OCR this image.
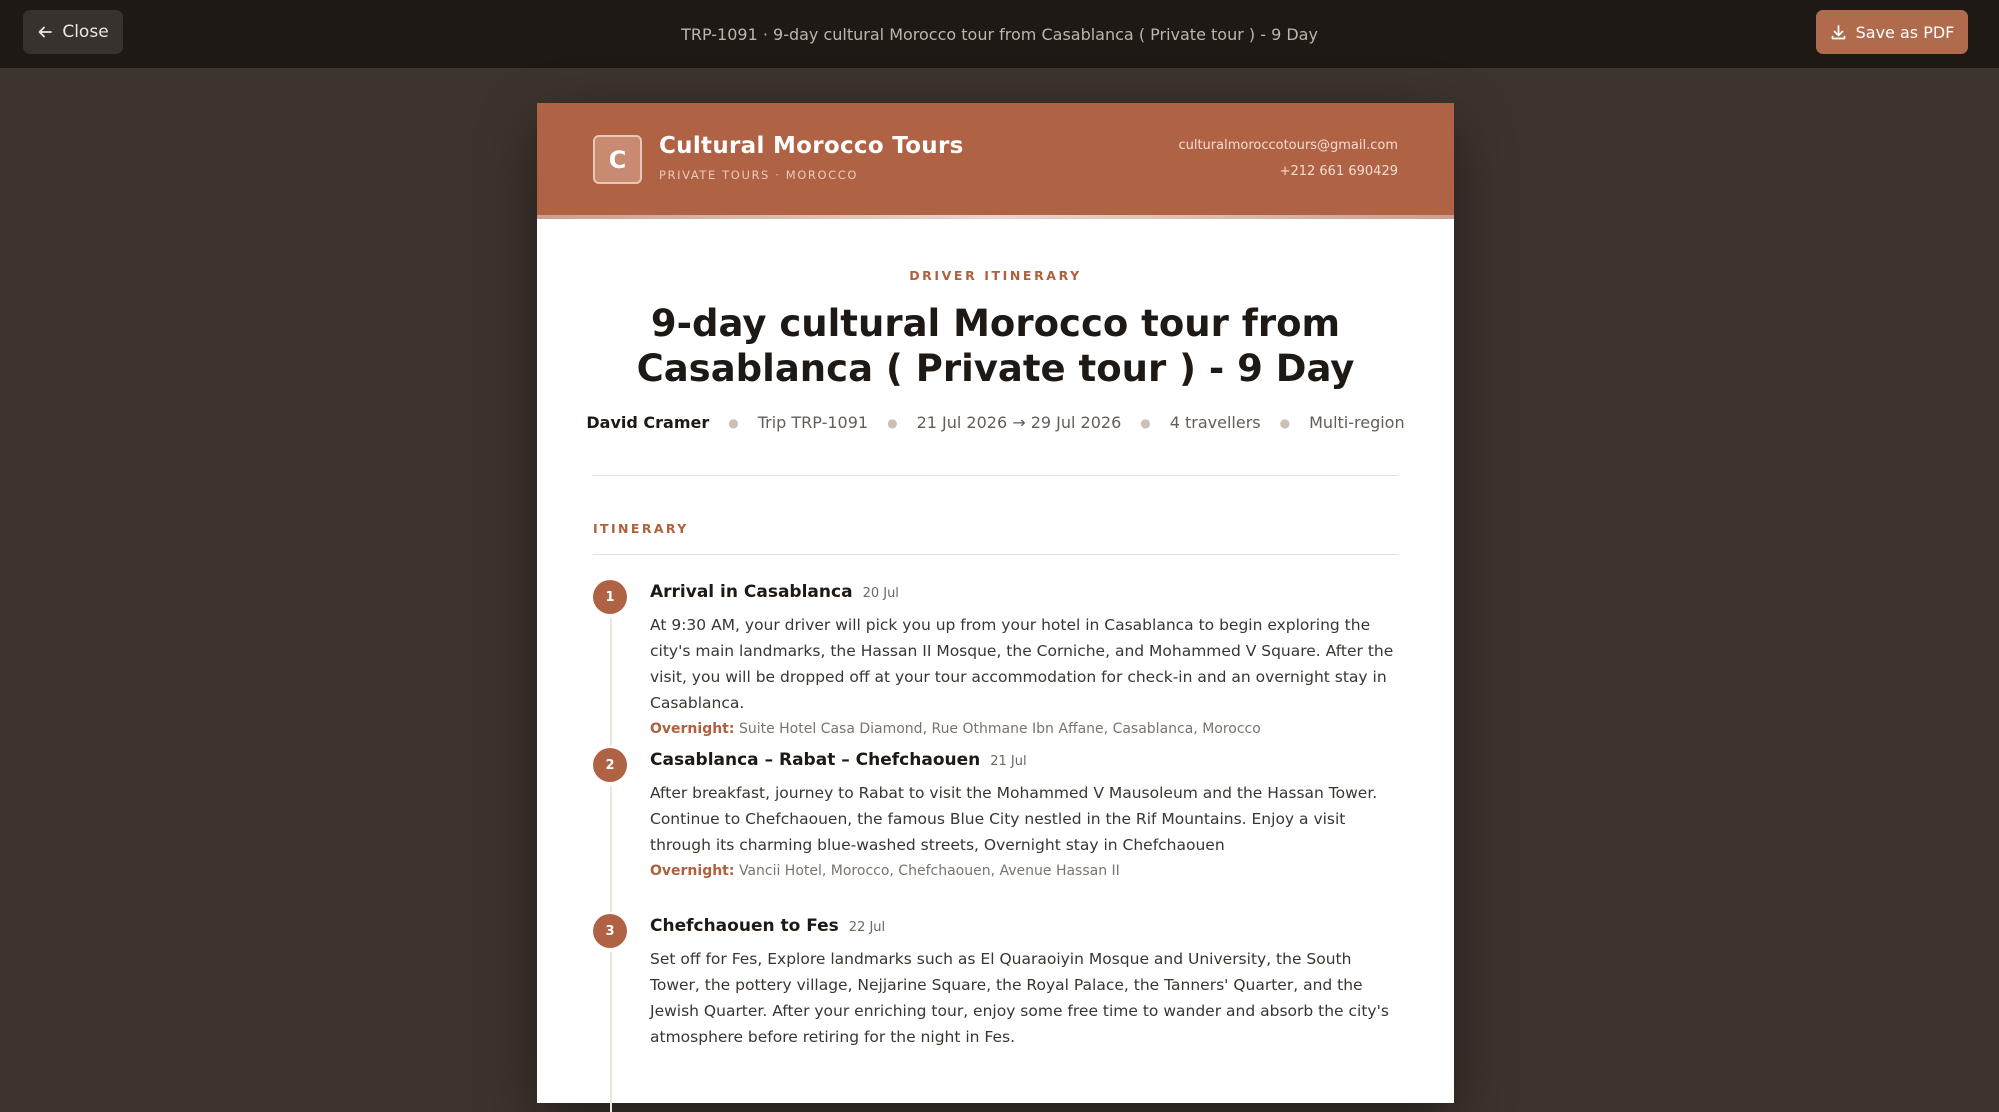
Close	TRP-1091 · 9-day cultural Morocco tour from Casablanca ( Private tour ) - 9 Day	Save as PDF
C	Cultural Morocco Tours
PRIVATE TOURS · MOROCCO
culturalmoroccotours@gmail.com
+212 661 690429
DRIVER ITINERARY
9-day cultural Morocco tour from Casablanca ( Private tour ) - 9 Day
David Cramer ● Trip TRP-1091 ● 21 Jul 2026 → 29 Jul 2026 ● 4 travellers ● Multi-region
ITINERARY
1	Arrival in Casablanca 20 Jul
At 9:30 AM, your driver will pick you up from your hotel in Casablanca to begin exploring the city's main landmarks, the Hassan II Mosque, the Corniche, and Mohammed V Square. After the visit, you will be dropped off at your tour accommodation for check-in and an overnight stay in Casablanca.
Overnight: Suite Hotel Casa Diamond, Rue Othmane Ibn Affane, Casablanca, Morocco
2	Casablanca – Rabat – Chefchaouen 21 Jul
After breakfast, journey to Rabat to visit the Mohammed V Mausoleum and the Hassan Tower. Continue to Chefchaouen, the famous Blue City nestled in the Rif Mountains. Enjoy a visit through its charming blue-washed streets, Overnight stay in Chefchaouen
Overnight: Vancii Hotel, Morocco, Chefchaouen, Avenue Hassan II
3	Chefchaouen to Fes 22 Jul
Set off for Fes, Explore landmarks such as El Quaraoiyin Mosque and University, the South Tower, the pottery village, Nejjarine Square, the Royal Palace, the Tanners' Quarter, and the Jewish Quarter. After your enriching tour, enjoy some free time to wander and absorb the city's atmosphere before retiring for the night in Fes.
